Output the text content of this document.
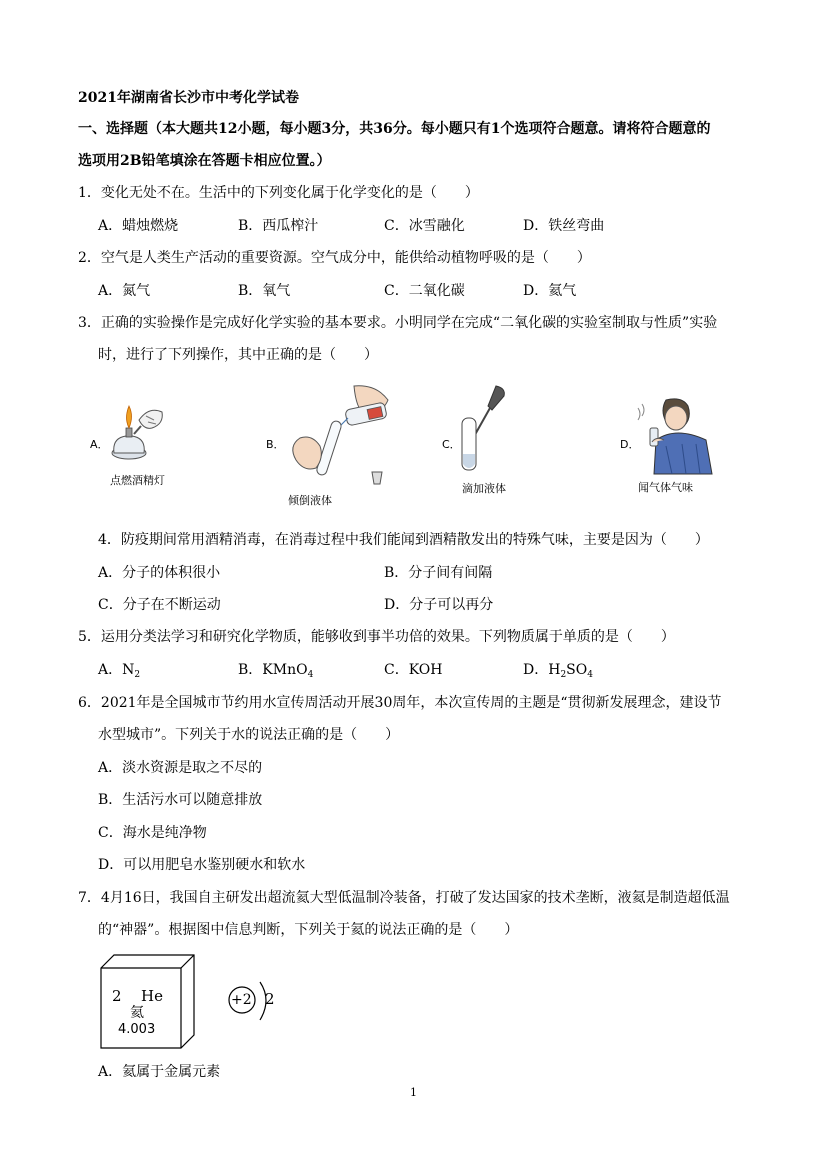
2021年湖南省长沙市中考化学试卷
一、选择题（本大题共12小题，每小题3分，共36分。每小题只有1个选项符合题意。请将符合题意的
选项用2B铅笔填涂在答题卡相应位置。）
1．变化无处不在。生活中的下列变化属于化学变化的是（　　）
A．蜡烛燃烧	B．西瓜榨汁	C．冰雪融化	D．铁丝弯曲
2．空气是人类生产活动的重要资源。空气成分中，能供给动植物呼吸的是（　　）
A．氮气	B．氧气	C．二氧化碳	D．氦气
3．正确的实验操作是完成好化学实验的基本要求。小明同学在完成“二氧化碳的实验室制取与性质”实验
时，进行了下列操作，其中正确的是（　　）
A．
点燃酒精灯
B．
倾倒液体
C．
滴加液体
D．
闻气体气味
4．防疫期间常用酒精消毒，在消毒过程中我们能闻到酒精散发出的特殊气味，主要是因为（　　）
A．分子的体积很小	B．分子间有间隔
C．分子在不断运动	D．分子可以再分
5．运用分类法学习和研究化学物质，能够收到事半功倍的效果。下列物质属于单质的是（　　）
A．$N_2$	B．KMnO$_4$	C．KOH	D．$H_2SO_4$
6．2021年是全国城市节约用水宣传周活动开展30周年，本次宣传周的主题是“贯彻新发展理念，建设节
水型城市”。下列关于水的说法正确的是（　　）
A．淡水资源是取之不尽的
B．生活污水可以随意排放
C．海水是纯净物
D．可以用肥皂水鉴别硬水和软水
7．4月16日，我国自主研发出超流氦大型低温制冷装备，打破了发达国家的技术垄断，液氦是制造超低温
的“神器”。根据图中信息判断，下列关于氦的说法正确的是（　　）
2 He
氦
4.003
+2 2
A．氦属于金属元素
1
